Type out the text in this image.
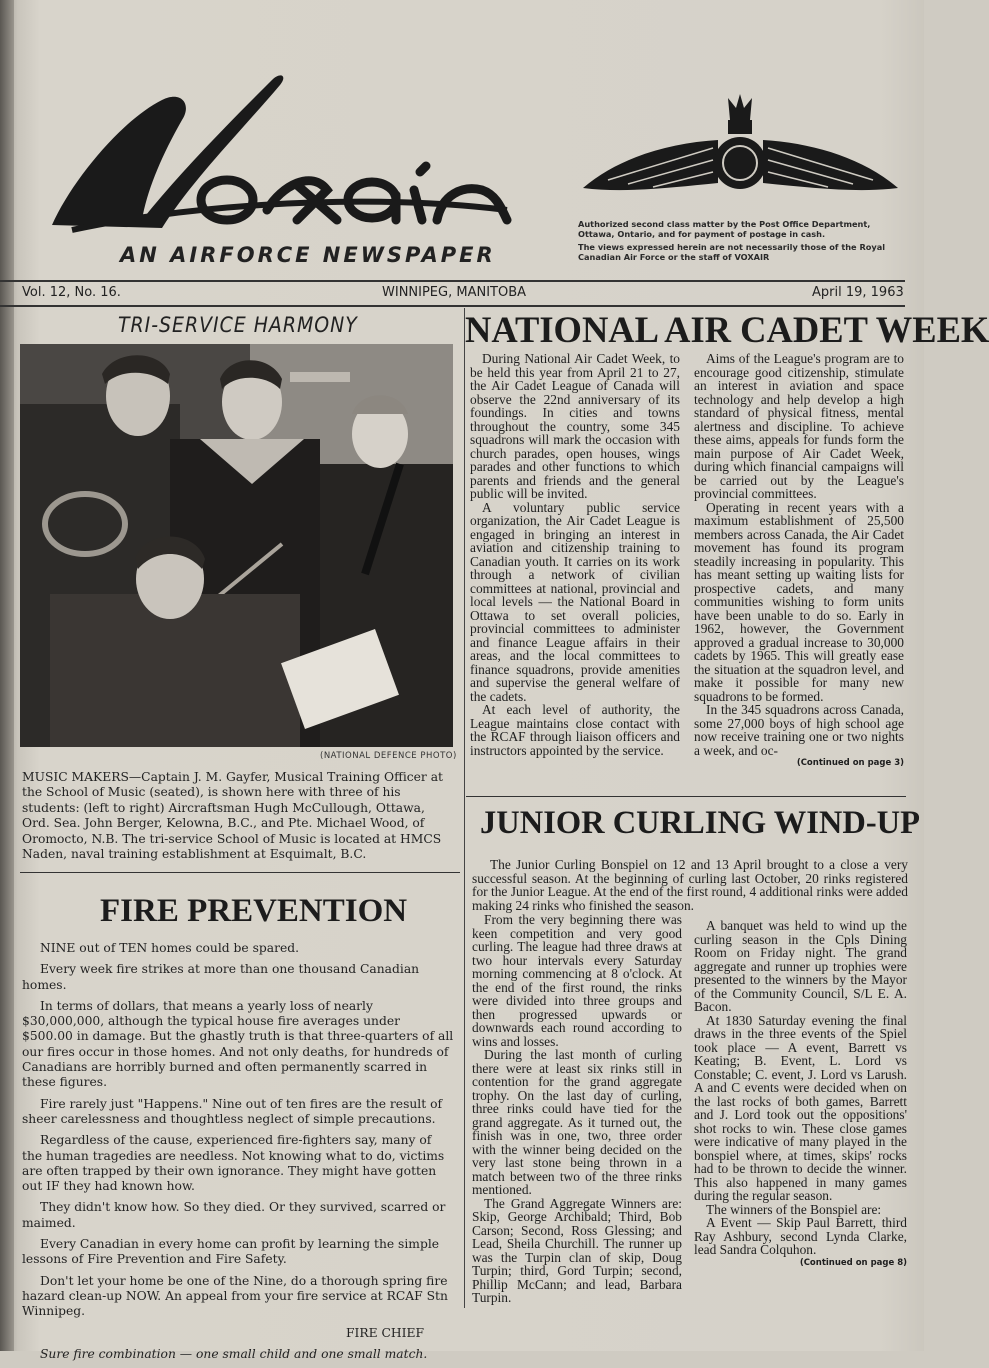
AN AIRFORCE NEWSPAPER

Authorized second class matter by the Post Office Department, Ottawa, Ontario, and for payment of postage in cash.

The views expressed herein are not necessarily those of the Royal Canadian Air Force or the staff of VOXAIR

Vol. 12, No. 16.	WINNIPEG, MANITOBA	April 19, 1963
TRI-SERVICE HARMONY
(NATIONAL DEFENCE PHOTO)
MUSIC MAKERS—Captain J. M. Gayfer, Musical Training Officer at the School of Music (seated), is shown here with three of his students: (left to right) Aircraftsman Hugh McCullough, Ottawa, Ord. Sea. John Berger, Kelowna, B.C., and Pte. Michael Wood, of Oromocto, N.B. The tri-service School of Music is located at HMCS Naden, naval training establishment at Esquimalt, B.C.
FIRE PREVENTION

NINE out of TEN homes could be spared.

Every week fire strikes at more than one thousand Canadian homes.

In terms of dollars, that means a yearly loss of nearly $30,000,000, although the typical house fire averages under $500.00 in damage. But the ghastly truth is that three-quarters of all our fires occur in those homes. And not only deaths, for hundreds of Canadians are horribly burned and often permanently scarred in these figures.

Fire rarely just "Happens." Nine out of ten fires are the result of sheer carelessness and thoughtless neglect of simple precautions.

Regardless of the cause, experienced fire-fighters say, many of the human tragedies are needless. Not knowing what to do, victims are often trapped by their own ignorance. They might have gotten out IF they had known how.

They didn't know how. So they died. Or they survived, scarred or maimed.

Every Canadian in every home can profit by learning the simple lessons of Fire Prevention and Fire Safety.

Don't let your home be one of the Nine, do a thorough spring fire hazard clean-up NOW. An appeal from your fire service at RCAF Stn Winnipeg.

FIRE CHIEF

Sure fire combination — one small child and one small match.

NATIONAL AIR CADET WEEK

During National Air Cadet Week, to be held this year from April 21 to 27, the Air Cadet League of Canada will observe the 22nd anniversary of its foundings. In cities and towns throughout the country, some 345 squadrons will mark the occasion with church parades, open houses, wings parades and other functions to which parents and friends and the general public will be invited.

A voluntary public service organization, the Air Cadet League is engaged in bringing an interest in aviation and citizenship training to Canadian youth. It carries on its work through a network of civilian committees at national, provincial and local levels — the National Board in Ottawa to set overall policies, provincial committees to administer and finance League affairs in their areas, and the local committees to finance squadrons, provide amenities and supervise the general welfare of the cadets.

At each level of authority, the League maintains close contact with the RCAF through liaison officers and instructors appointed by the service.

Aims of the League's program are to encourage good citizenship, stimulate an interest in aviation and space technology and help develop a high standard of physical fitness, mental alertness and discipline. To achieve these aims, appeals for funds form the main purpose of Air Cadet Week, during which financial campaigns will be carried out by the League's provincial committees.

Operating in recent years with a maximum establishment of 25,500 members across Canada, the Air Cadet movement has found its program steadily increasing in popularity. This has meant setting up waiting lists for prospective cadets, and many communities wishing to form units have been unable to do so. Early in 1962, however, the Government approved a gradual increase to 30,000 cadets by 1965. This will greatly ease the situation at the squadron level, and make it possible for many new squadrons to be formed.

In the 345 squadrons across Canada, some 27,000 boys of high school age now receive training one or two nights a week, and oc-

(Continued on page 3)
JUNIOR CURLING WIND-UP
The Junior Curling Bonspiel on 12 and 13 April brought to a close a very successful season. At the beginning of curling last October, 20 rinks registered for the Junior League. At the end of the first round, 4 additional rinks were added making 24 rinks who finished the season.

From the very beginning there was keen competition and very good curling. The league had three draws at two hour intervals every Saturday morning commencing at 8 o'clock. At the end of the first round, the rinks were divided into three groups and then progressed upwards or downwards each round according to wins and losses.

During the last month of curling there were at least six rinks still in contention for the grand aggregate trophy. On the last day of curling, three rinks could have tied for the grand aggregate. As it turned out, the finish was in one, two, three order with the winner being decided on the very last stone being thrown in a match between two of the three rinks mentioned.

The Grand Aggregate Winners are: Skip, George Archibald; Third, Bob Carson; Second, Ross Glessing; and Lead, Sheila Churchill. The runner up was the Turpin clan of skip, Doug Turpin; third, Gord Turpin; second, Phillip McCann; and lead, Barbara Turpin.

A banquet was held to wind up the curling season in the Cpls Dining Room on Friday night. The grand aggregate and runner up trophies were presented to the winners by the Mayor of the Community Council, S/L E. A. Bacon.

At 1830 Saturday evening the final draws in the three events of the Spiel took place — A event, Barrett vs Keating; B. Event, L. Lord vs Constable; C. event, J. Lord vs Larush. A and C events were decided when on the last rocks of both games, Barrett and J. Lord took out the oppositions' shot rocks to win. These close games were indicative of many played in the bonspiel where, at times, skips' rocks had to be thrown to decide the winner. This also happened in many games during the regular season.

The winners of the Bonspiel are:

A Event — Skip Paul Barrett, third Ray Ashbury, second Lynda Clarke, lead Sandra Colquhon.

(Continued on page 8)
